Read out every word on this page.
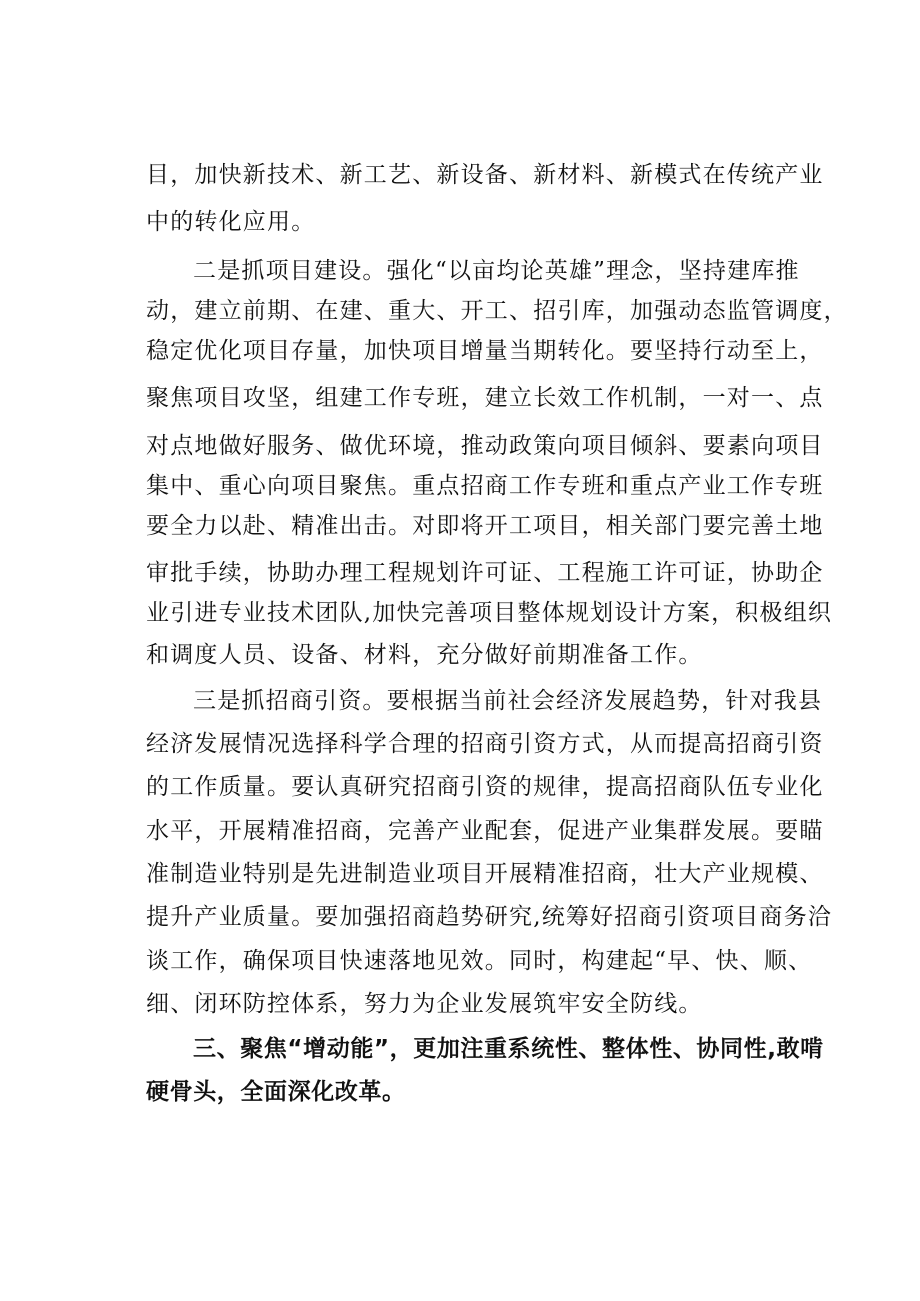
目，加快新技术、新工艺、新设备、新材料、新模式在传统产业
中的转化应用。
二是抓项目建设。强化“以亩均论英雄”理念，坚持建库推
动，建立前期、在建、重大、开工、招引库，加强动态监管调度，
稳定优化项目存量，加快项目增量当期转化。要坚持行动至上，
聚焦项目攻坚，组建工作专班，建立长效工作机制，一对一、点
对点地做好服务、做优环境，推动政策向项目倾斜、要素向项目
集中、重心向项目聚焦。重点招商工作专班和重点产业工作专班
要全力以赴、精准出击。对即将开工项目，相关部门要完善土地
审批手续，协助办理工程规划许可证、工程施工许可证，协助企
业引进专业技术团队,加快完善项目整体规划设计方案，积极组织
和调度人员、设备、材料，充分做好前期准备工作。
三是抓招商引资。要根据当前社会经济发展趋势，针对我县
经济发展情况选择科学合理的招商引资方式，从而提高招商引资
的工作质量。要认真研究招商引资的规律，提高招商队伍专业化
水平，开展精准招商，完善产业配套，促进产业集群发展。要瞄
准制造业特别是先进制造业项目开展精准招商，壮大产业规模、
提升产业质量。要加强招商趋势研究,统筹好招商引资项目商务洽
谈工作，确保项目快速落地见效。同时，构建起“早、快、顺、
细、闭环防控体系，努力为企业发展筑牢安全防线。
三、聚焦“增动能”，更加注重系统性、整体性、协同性,敢啃
硬骨头，全面深化改革。
